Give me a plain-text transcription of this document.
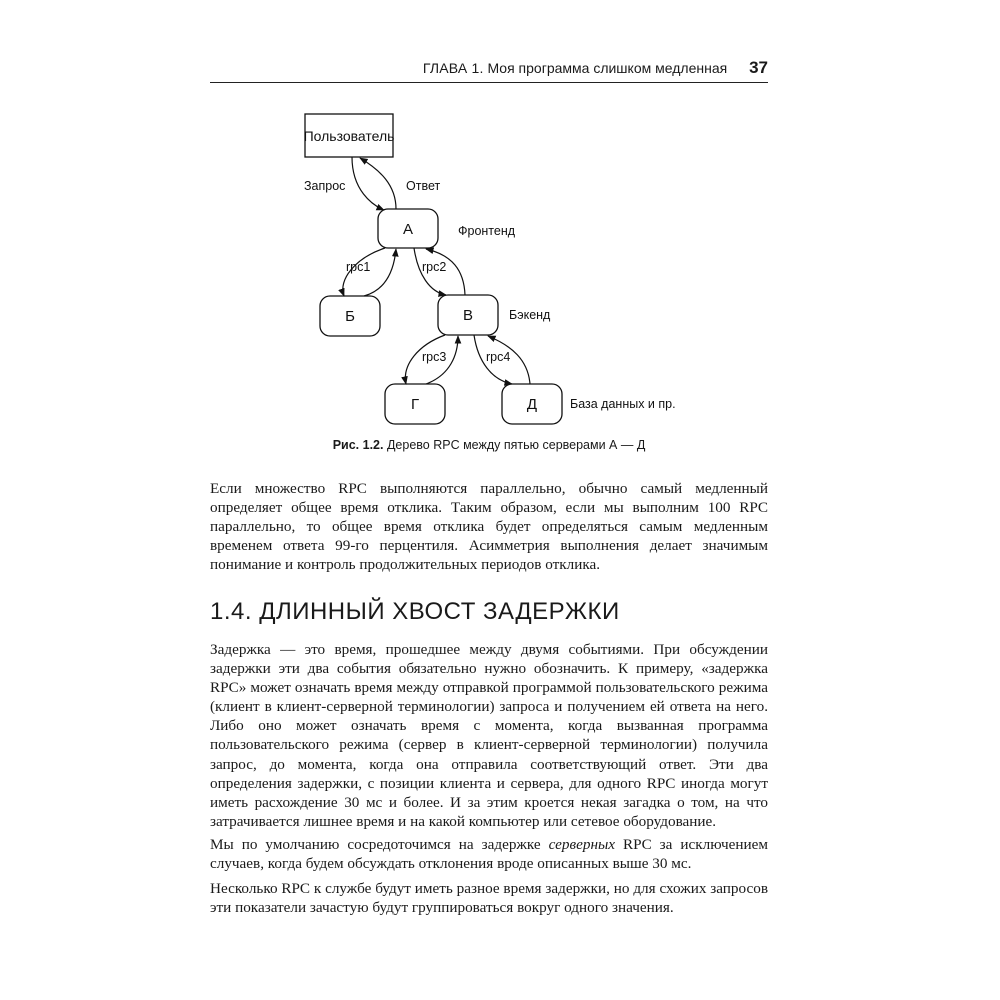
ГЛАВА 1. Моя программа слишком медленная 37
Пользователь
А
Б	В
Г	Д
Запрос	Ответ
rpc1	rpc2
rpc3	rpc4
Фронтенд
Бэкенд
База данных и пр.
Рис. 1.2. Дерево RPC между пятью серверами А — Д

Если множество RPC выполняются параллельно, обычно самый медленный определяет общее время отклика. Таким образом, если мы выполним 100 RPC параллельно, то общее время отклика будет определяться самым медленным временем ответа 99-го перцентиля. Асимметрия выполнения делает значимым понимание и контроль продолжительных периодов отклика.

1.4. ДЛИННЫЙ ХВОСТ ЗАДЕРЖКИ

Задержка — это время, прошедшее между двумя событиями. При обсуждении задержки эти два события обязательно нужно обозначить. К примеру, «задержка RPC» может означать время между отправкой программой пользовательского режима (клиент в клиент-серверной терминологии) запроса и получением ей ответа на него. Либо оно может означать время с момента, когда вызванная программа пользовательского режима (сервер в клиент-серверной терминологии) получила запрос, до момента, когда она отправила соответствующий ответ. Эти два определения задержки, с позиции клиента и сервера, для одного RPC иногда могут иметь расхождение 30 мс и более. И за этим кроется некая загадка о том, на что затрачивается лишнее время и на какой компьютер или сетевое оборудование.

Мы по умолчанию сосредоточимся на задержке серверных RPC за исключением случаев, когда будем обсуждать отклонения вроде описанных выше 30 мс.

Несколько RPC к службе будут иметь разное время задержки, но для схожих запросов эти показатели зачастую будут группироваться вокруг одного значения.
